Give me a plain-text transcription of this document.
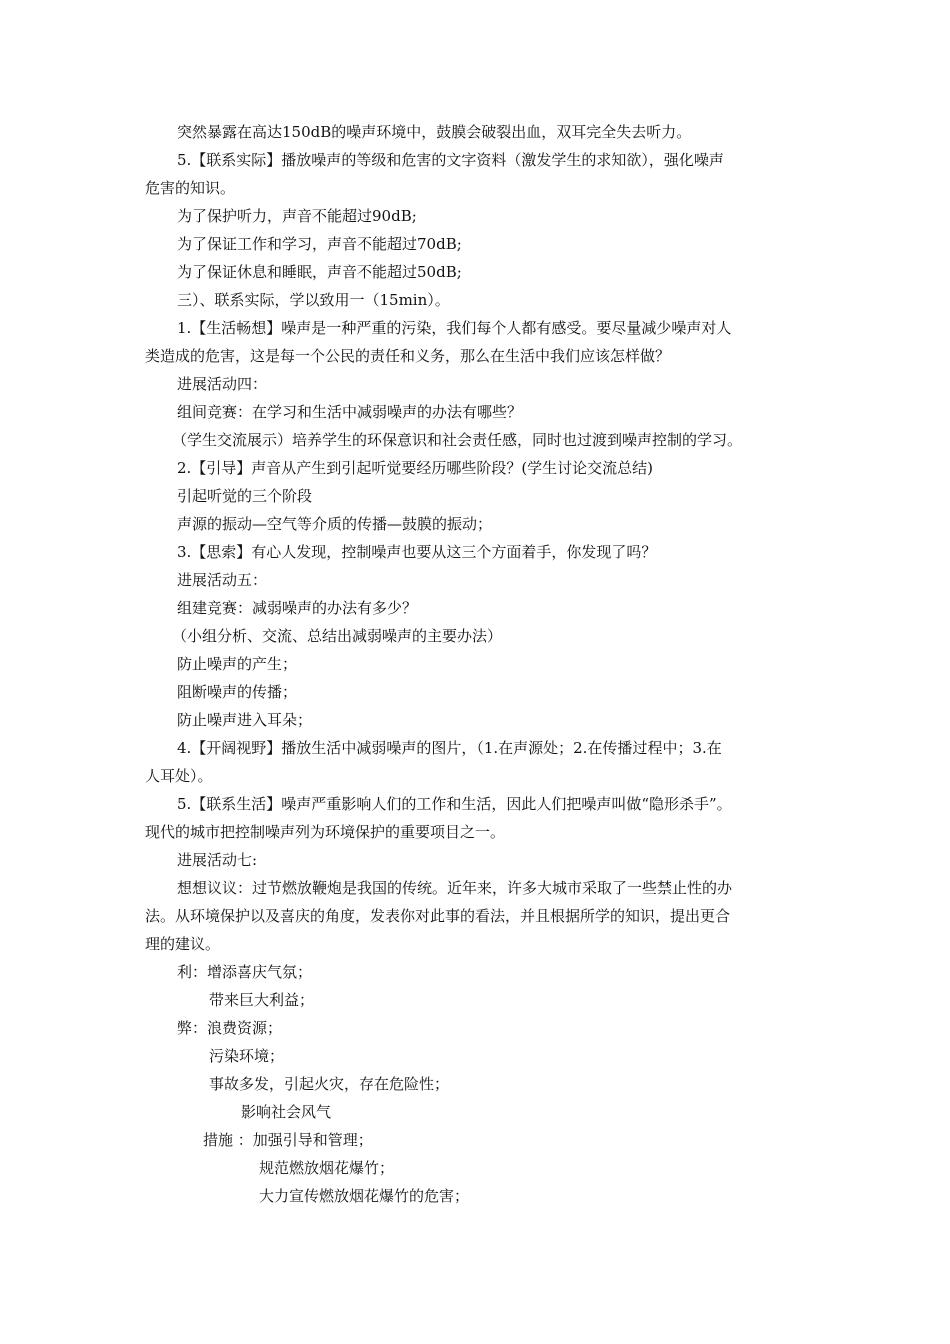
突然暴露在高达150dB的噪声环境中，鼓膜会破裂出血，双耳完全失去听力。
5.【联系实际】播放噪声的等级和危害的文字资料（激发学生的求知欲），强化噪声
危害的知识。
为了保护听力，声音不能超过90dB;
为了保证工作和学习，声音不能超过70dB;
为了保证休息和睡眠，声音不能超过50dB;
三）、联系实际，学以致用一（15min）。
1.【生活畅想】噪声是一种严重的污染，我们每个人都有感受。要尽量减少噪声对人
类造成的危害，这是每一个公民的责任和义务，那么在生活中我们应该怎样做？
进展活动四：
组间竞赛：在学习和生活中减弱噪声的办法有哪些？
（学生交流展示）培养学生的环保意识和社会责任感，同时也过渡到噪声控制的学习。
2.【引导】声音从产生到引起听觉要经历哪些阶段？(学生讨论交流总结)
引起听觉的三个阶段
声源的振动—空气等介质的传播—鼓膜的振动；
3.【思索】有心人发现，控制噪声也要从这三个方面着手，你发现了吗？
进展活动五：
组建竞赛：减弱噪声的办法有多少？
（小组分析、交流、总结出减弱噪声的主要办法）
防止噪声的产生；
阻断噪声的传播；
防止噪声进入耳朵；
4.【开阔视野】播放生活中减弱噪声的图片，（1.在声源处；2.在传播过程中；3.在
人耳处）。
5.【联系生活】噪声严重影响人们的工作和生活，因此人们把噪声叫做“隐形杀手”。
现代的城市把控制噪声列为环境保护的重要项目之一。
进展活动七:
想想议议：过节燃放鞭炮是我国的传统。近年来，许多大城市采取了一些禁止性的办
法。从环境保护以及喜庆的角度，发表你对此事的看法，并且根据所学的知识，提出更合
理的建议。
利：增添喜庆气氛；
带来巨大利益；
弊：浪费资源；
污染环境；
事故多发，引起火灾，存在危险性；
影响社会风气
措施 ：加强引导和管理；
规范燃放烟花爆竹；
大力宣传燃放烟花爆竹的危害；
